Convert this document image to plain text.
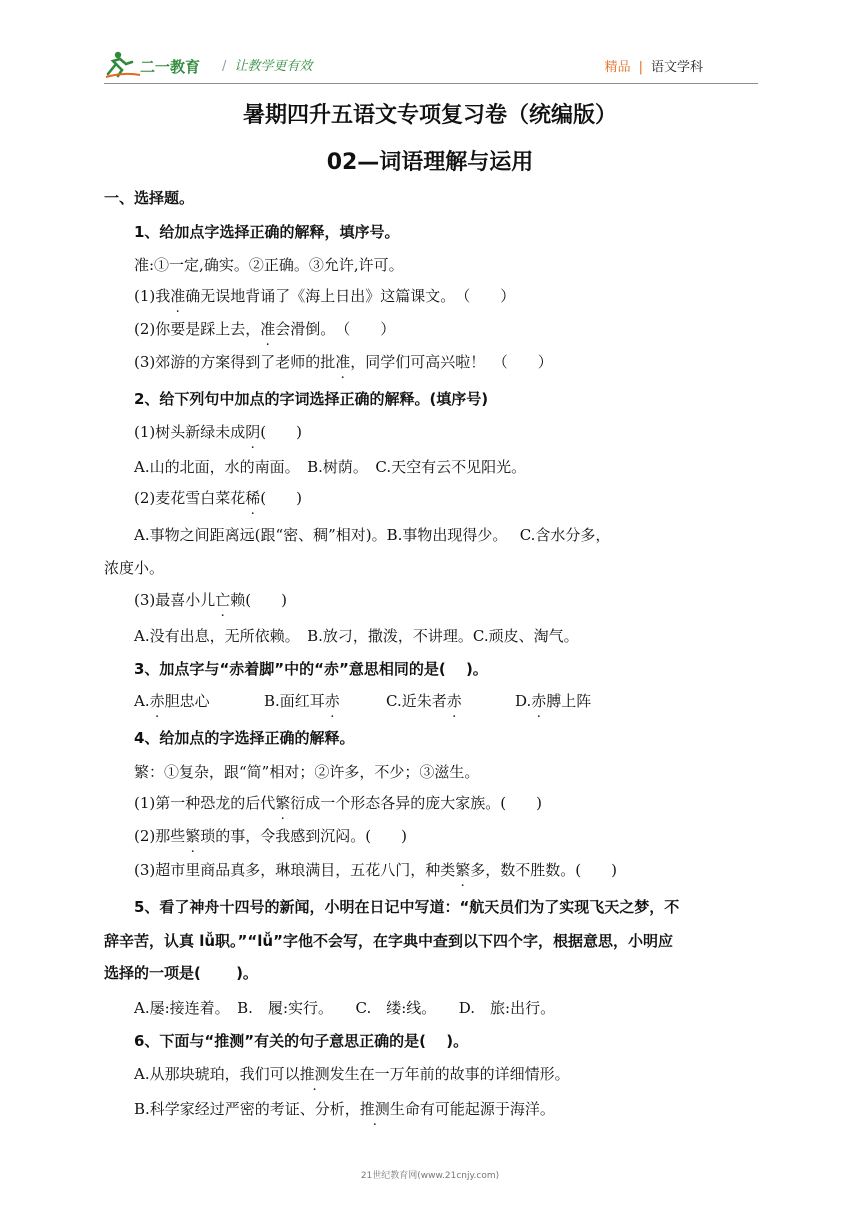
二一教育 / 让教学更有效	精品 | 语文学科
暑期四升五语文专项复习卷（统编版）
02—词语理解与运用
一、选择题。
1、给加点字选择正确的解释，填序号。
准:①一定,确实。②正确。③允许,许可。
(1)我准确无误地背诵了《海上日出》这篇课文。　（　　）
(2)你要是踩上去，准会滑倒。　（　　）
(3)郊游的方案得到了老师的批准，同学们可高兴啦！　（　　）
2、给下列句中加点的字词选择正确的解释。(填序号)
(1)树头新绿未成阴(　　)
A.山的北面，水的南面。　B.树荫。　C.天空有云不见阳光。
(2)麦花雪白菜花稀(　　)
A.事物之间距离远(跟“密、稠”相对)。B.事物出现得少。　 C.含水分多，
浓度小。
(3)最喜小儿亡赖(　　)
A.没有出息，无所依赖。　B.放刁，撒泼，不讲理。C.顽皮、淘气。
3、加点字与“赤着脚”中的“赤”意思相同的是(　 )。
A.赤胆忠心	B.面红耳赤	C.近朱者赤	D.赤膊上阵
4、给加点的字选择正确的解释。
繁：①复杂，跟“简”相对；②许多，不少；③滋生。
(1)第一种恐龙的后代繁衍成一个形态各异的庞大家族。(　　)
(2)那些繁琐的事，令我感到沉闷。(　　)
(3)超市里商品真多，琳琅满目，五花八门，种类繁多，数不胜数。(　　)
5、看了神舟十四号的新闻，小明在日记中写道：“航天员们为了实现飞天之梦，不
辞辛苦，认真 lǚ职。”“lǚ”字他不会写，在字典中查到以下四个字，根据意思，小明应
选择的一项是(　　 )。
A.屡:接连着。　B.　履:实行。　　C.　缕:线。　　D.　旅:出行。
6、下面与“推测”有关的句子意思正确的是(　 )。
A.从那块琥珀，我们可以推测发生在一万年前的故事的详细情形。
B.科学家经过严密的考证、分析，推测生命有可能起源于海洋。
21世纪教育网(www.21cnjy.com)
